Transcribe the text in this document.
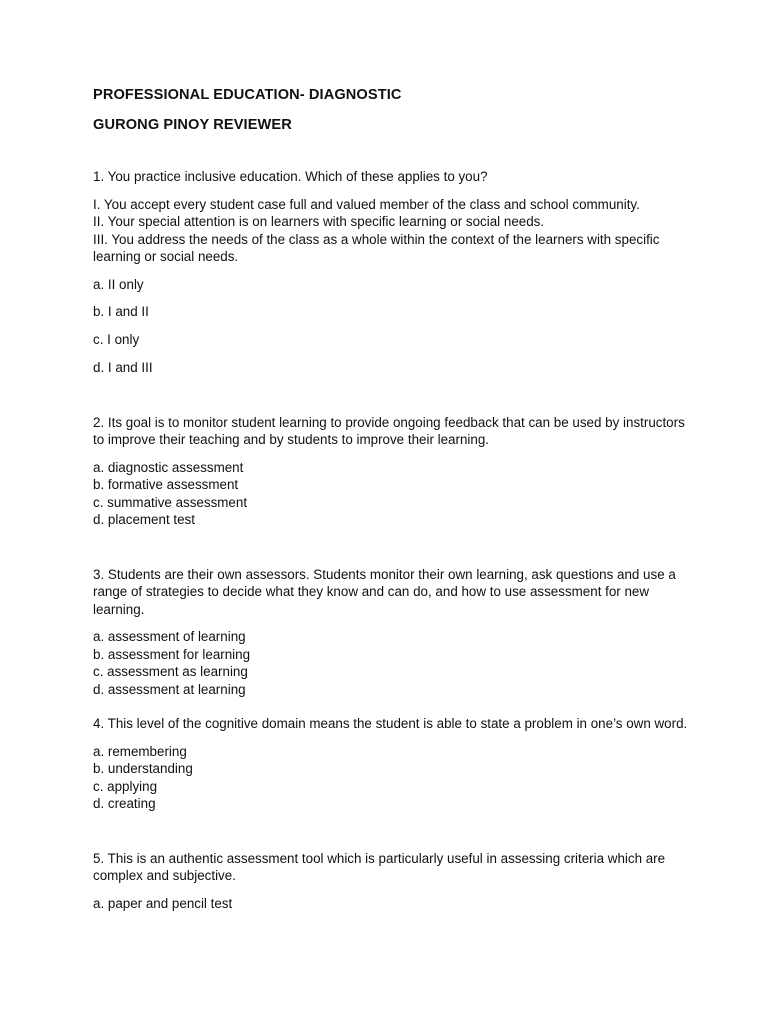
PROFESSIONAL EDUCATION- DIAGNOSTIC

GURONG PINOY REVIEWER

1. You practice inclusive education. Which of these applies to you?

I. You accept every student case full and valued member of the class and school community.
II. Your special attention is on learners with specific learning or social needs.
III. You address the needs of the class as a whole within the context of the learners with specific learning or social needs.

a. II only

b. I and II

c. I only

d. I and III

2. Its goal is to monitor student learning to provide ongoing feedback that can be used by instructors to improve their teaching and by students to improve their learning.

a. diagnostic assessment

b. formative assessment

c. summative assessment

d. placement test

3. Students are their own assessors. Students monitor their own learning, ask questions and use a range of strategies to decide what they know and can do, and how to use assessment for new learning.

a. assessment of learning

b. assessment for learning

c. assessment as learning

d. assessment at learning

4. This level of the cognitive domain means the student is able to state a problem in one’s own word.

a. remembering

b. understanding

c. applying

d. creating

5. This is an authentic assessment tool which is particularly useful in assessing criteria which are complex and subjective.

a. paper and pencil test
